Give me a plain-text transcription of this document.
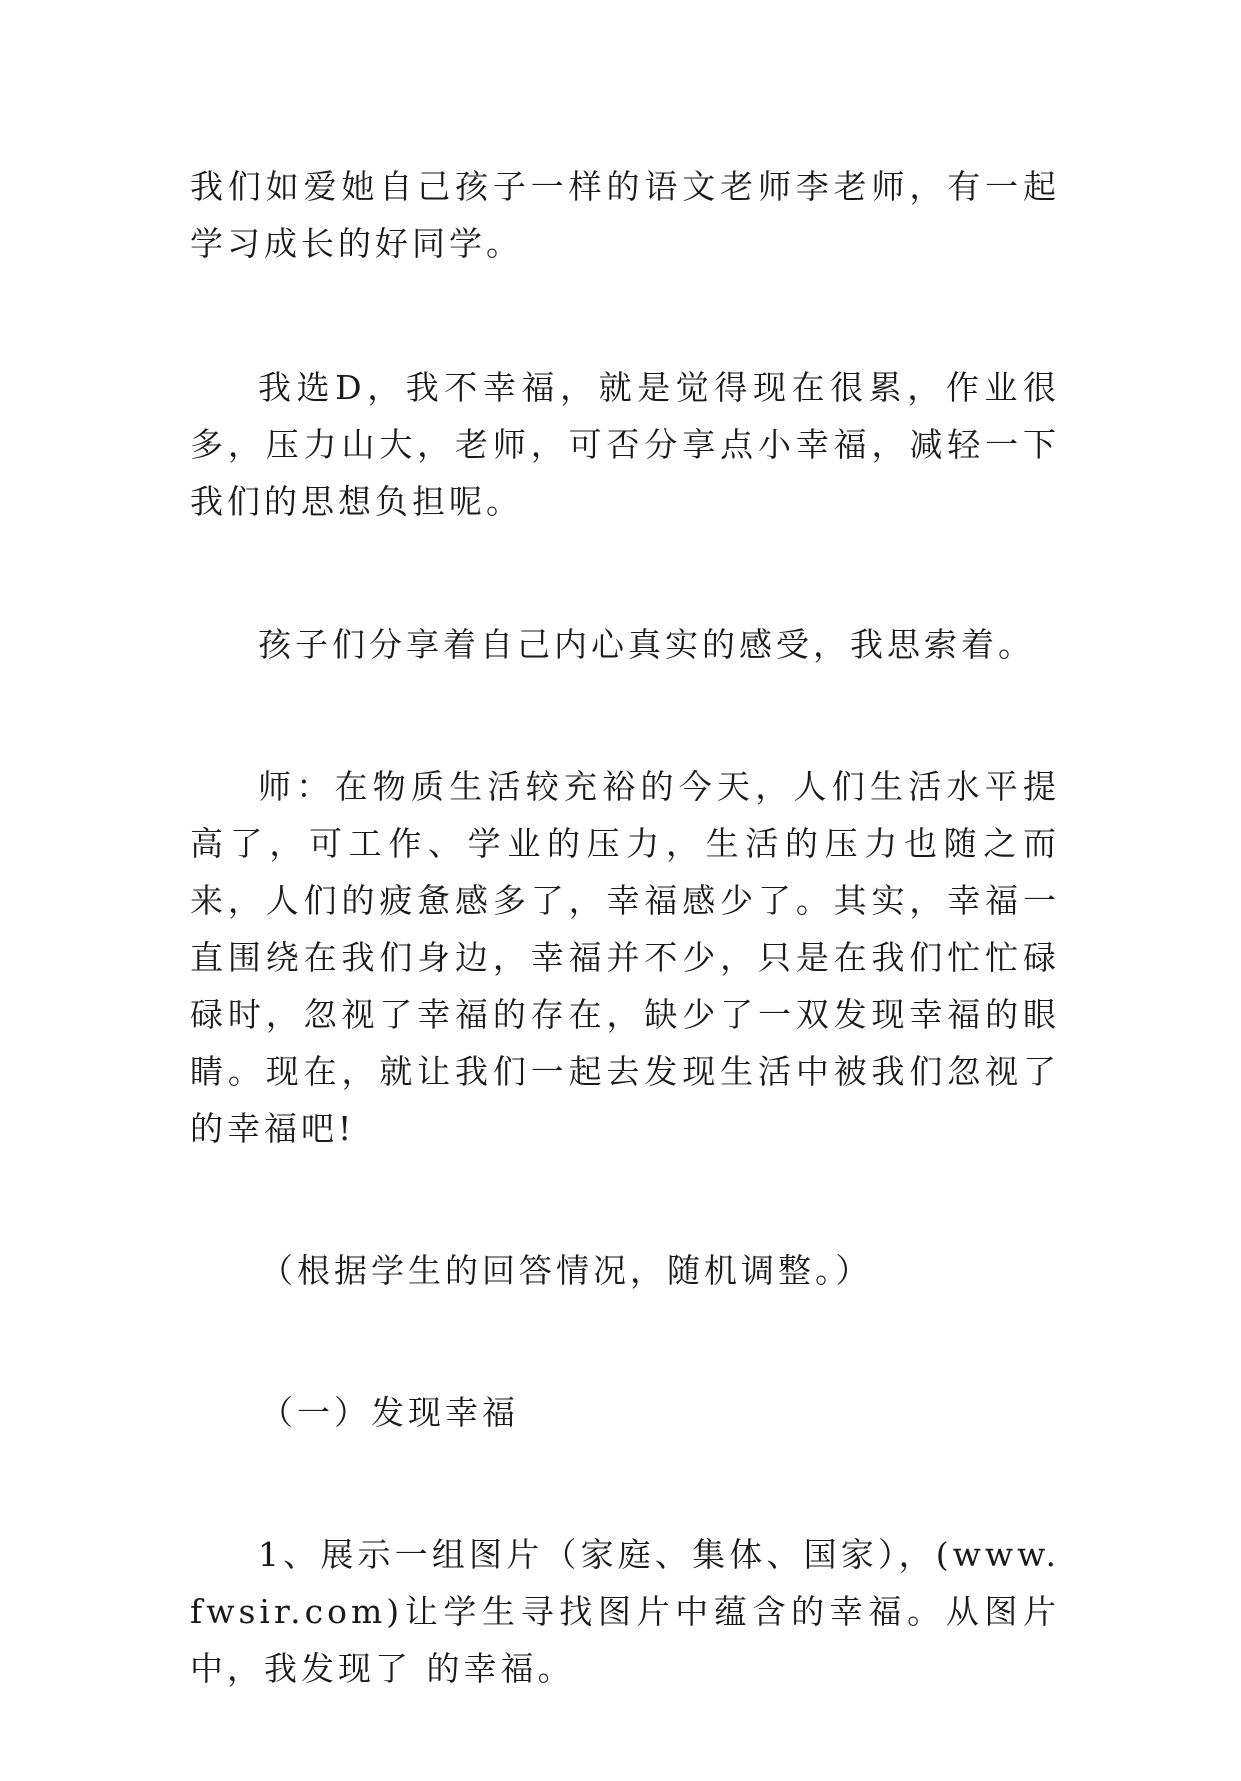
我们如爱她自己孩子一样的语文老师李老师，有一起学习成长的好同学。

我选D，我不幸福，就是觉得现在很累，作业很多，压力山大，老师，可否分享点小幸福，减轻一下我们的思想负担呢。

孩子们分享着自己内心真实的感受，我思索着。

师：在物质生活较充裕的今天，人们生活水平提高了，可工作、学业的压力，生活的压力也随之而来，人们的疲惫感多了，幸福感少了。其实，幸福一直围绕在我们身边，幸福并不少，只是在我们忙忙碌碌时，忽视了幸福的存在，缺少了一双发现幸福的眼睛。现在，就让我们一起去发现生活中被我们忽视了的幸福吧!

（根据学生的回答情况，随机调整。）

（一）发现幸福

1、展示一组图片（家庭、集体、国家），(www.fwsir.com)让学生寻找图片中蕴含的幸福。从图片中，我发现了 的幸福。
